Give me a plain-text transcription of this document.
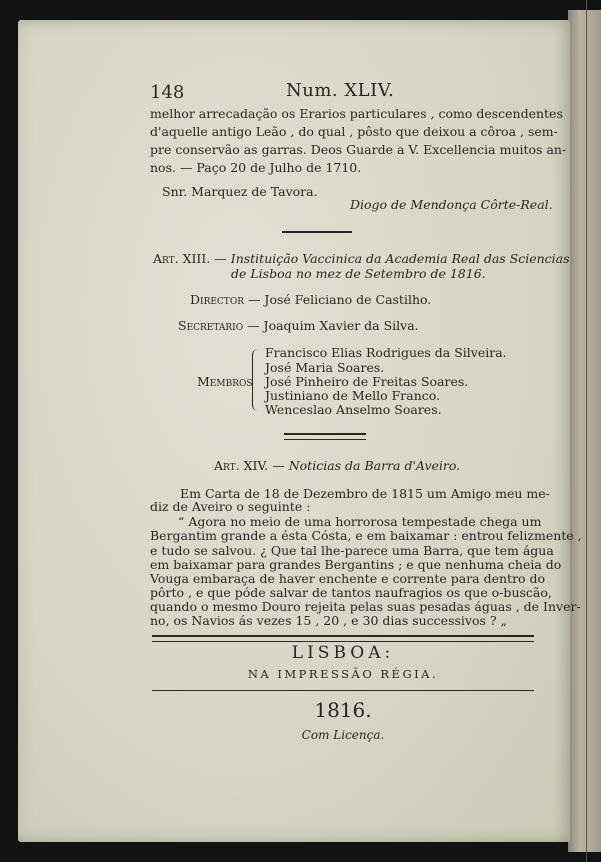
148	Num. XLIV.
melhor arrecadação os Erarios particulares , como descendentes
d'aquelle antigo Leão , do qual , pôsto que deixou a côroa , sem-
pre conservão as garras. Deos Guarde a V. Excellencia muitos an-
nos. — Paço 20 de Julho de 1710.
Snr. Marquez de Tavora.
Diogo de Mendonça Côrte-Real.
Art. XIII. — Instituição Vaccinica da Academia Real das Sciencias
de Lisboa no mez de Setembro de 1816.
Director — José Feliciano de Castilho.
Secretario — Joaquim Xavier da Silva.
Membros
Francisco Elias Rodrigues da Silveira.
José Maria Soares.
José Pinheiro de Freitas Soares.
Justiniano de Mello Franco.
Wenceslao Anselmo Soares.
Art. XIV. — Noticias da Barra d'Aveiro.
Em Carta de 18 de Dezembro de 1815 um Amigo meu me-
diz de Aveiro o seguinte :
“ Agora no meio de uma horrorosa tempestade chega um
Bergantim grande a ésta Cósta, e em baixamar : entrou felizmente ,
e tudo se salvou. ¿ Que tal lhe-parece uma Barra, que tem água
em baixamar para grandes Bergantins ; e que nenhuma cheia do
Vouga embaraça de haver enchente e corrente para dentro do
pôrto , e que póde salvar de tantos naufragios os que o-buscão,
quando o mesmo Douro rejeita pelas suas pesadas águas , de Inver-
no, os Navios ás vezes 15 , 20 , e 30 dias successivos ? „
LISBOA:
NA IMPRESSÃO RÉGIA.
1816.
Com Licença.
